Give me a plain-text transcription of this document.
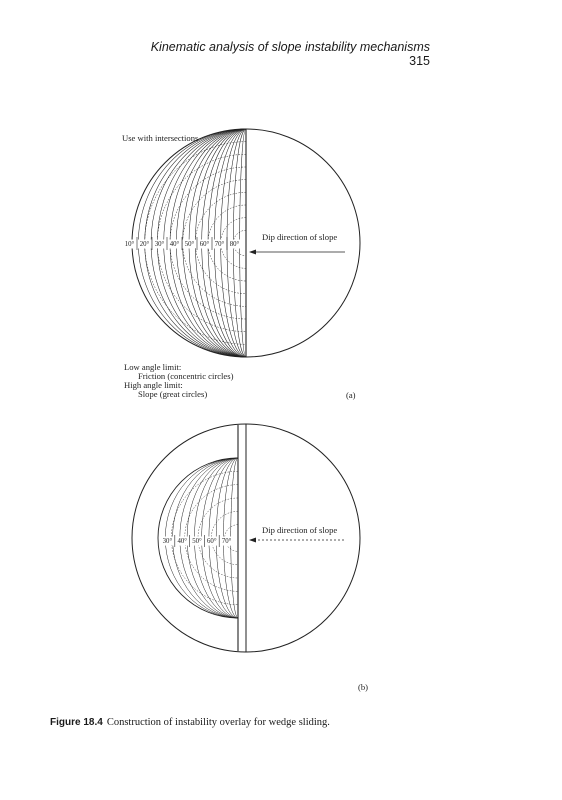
Kinematic analysis of slope instability mechanisms 315
Use with intersections
10° 20° 30° 40° 50° 60° 70° 80°
Dip direction of slope
Low angle limit:
Friction (concentric circles)
High angle limit:
Slope (great circles)	(a)
30° 40° 50° 60° 70°
Dip direction of slope
(b)
Figure 18.4 Construction of instability overlay for wedge sliding.
